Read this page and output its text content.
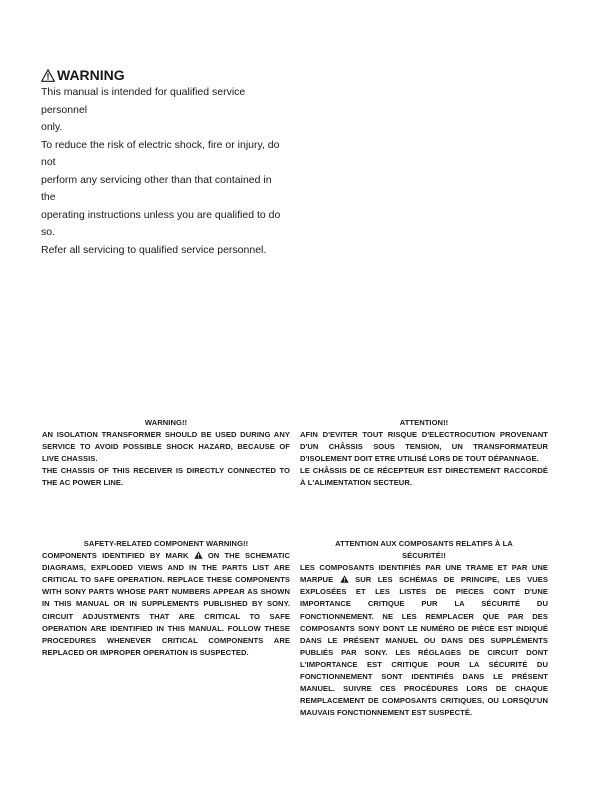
WARNING

This manual is intended for qualified service personnel

only.

To reduce the risk of electric shock, fire or injury, do not

perform any servicing other than that contained in the

operating instructions unless you are qualified to do so.

Refer all servicing to qualified service personnel.

WARNING!!

AN ISOLATION TRANSFORMER SHOULD BE USED DURING ANY SERVICE TO AVOID POSSIBLE SHOCK HAZARD, BECAUSE OF LIVE CHASSIS.

THE CHASSIS OF THIS RECEIVER IS DIRECTLY CONNECTED TO THE AC POWER LINE.

ATTENTION!!

AFIN D'EVITER TOUT RISQUE D'ELECTROCUTION PROVENANT D'UN CHÂSSIS SOUS TENSION, UN TRANSFORMATEUR D'ISOLEMENT DOIT ETRE UTILISÉ LORS DE TOUT DÉPANNAGE.

LE CHÂSSIS DE CE RÉCEPTEUR EST DIRECTEMENT RACCORDÉ À L'ALIMENTATION SECTEUR.

SAFETY-RELATED COMPONENT WARNING!!

COMPONENTS IDENTIFIED BY MARK	ON THE SCHEMATIC DIAGRAMS, EXPLODED VIEWS AND IN THE PARTS LIST ARE CRITICAL TO SAFE OPERATION. REPLACE THESE COMPONENTS WITH SONY PARTS WHOSE PART NUMBERS APPEAR AS SHOWN IN THIS MANUAL OR IN SUPPLEMENTS PUBLISHED BY SONY. CIRCUIT ADJUSTMENTS THAT ARE CRITICAL TO SAFE OPERATION ARE IDENTIFIED IN THIS MANUAL. FOLLOW THESE PROCEDURES WHENEVER CRITICAL COMPONENTS ARE REPLACED OR IMPROPER OPERATION IS SUSPECTED.

ATTENTION AUX COMPOSANTS RELATIFS À LA

SÉCURITÉ!!

LES COMPOSANTS IDENTIFIÉS PAR UNE TRAME ET PAR UNE MARPUE	SUR LES SCHÉMAS DE PRINCIPE, LES VUES EXPLOSÉES ET LES LISTES DE PIECES CONT D'UNE IMPORTANCE CRITIQUE PUR LA SÉCURITÉ DU FONCTIONNEMENT. NE LES REMPLACER QUE PAR DES COMPOSANTS SONY DONT LE NUMÉRO DE PIÈCE EST INDIQUÉ DANS LE PRÉSENT MANUEL OU DANS DES SUPPLÉMENTS PUBLIÉS PAR SONY. LES RÉGLAGES DE CIRCUIT DONT L'IMPORTANCE EST CRITIQUE POUR LA SÉCURITÉ DU FONCTIONNEMENT SONT IDENTIFIÉS DANS LE PRÉSENT MANUEL. SUIVRE CES PROCÉDURES LORS DE CHAQUE REMPLACEMENT DE COMPOSANTS CRITIQUES, OU LORSQU'UN MAUVAIS FONCTIONNEMENT EST SUSPECTÉ.
